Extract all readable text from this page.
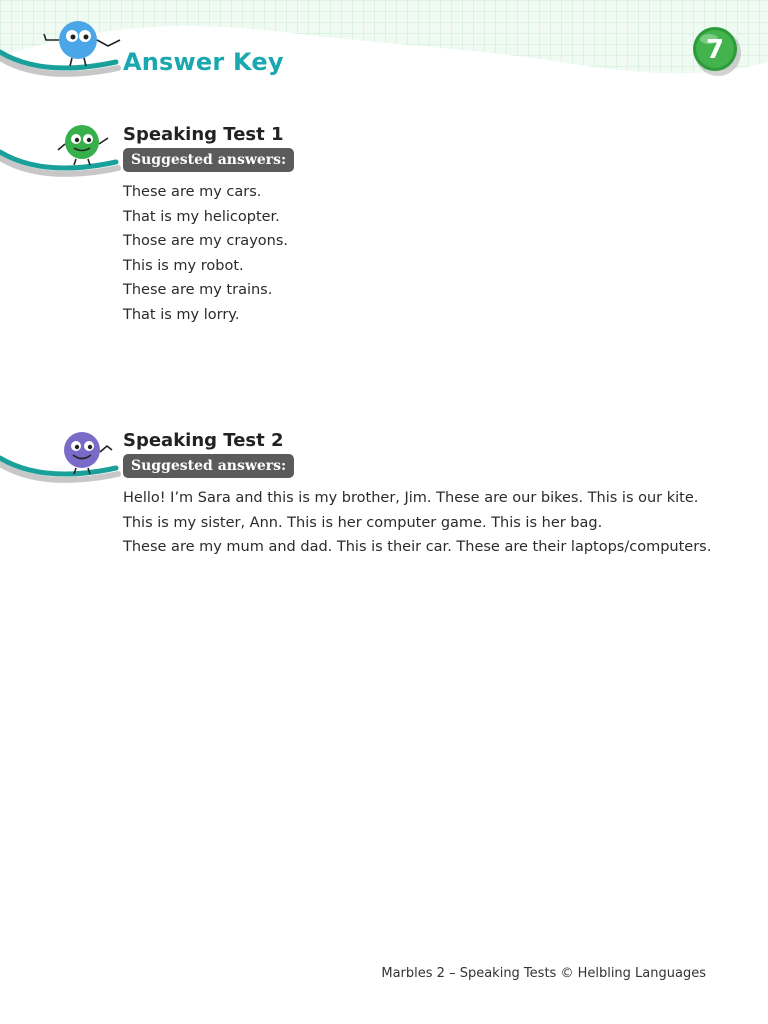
Answer Key	7
Speaking Test 1
Suggested answers:
These are my cars.
That is my helicopter.
Those are my crayons.
This is my robot.
These are my trains.
That is my lorry.
Speaking Test 2
Suggested answers:
Hello! I’m Sara and this is my brother, Jim. These are our bikes. This is our kite.
This is my sister, Ann. This is her computer game. This is her bag.
These are my mum and dad. This is their car. These are their laptops/computers.
Marbles 2 – Speaking Tests © Helbling Languages
